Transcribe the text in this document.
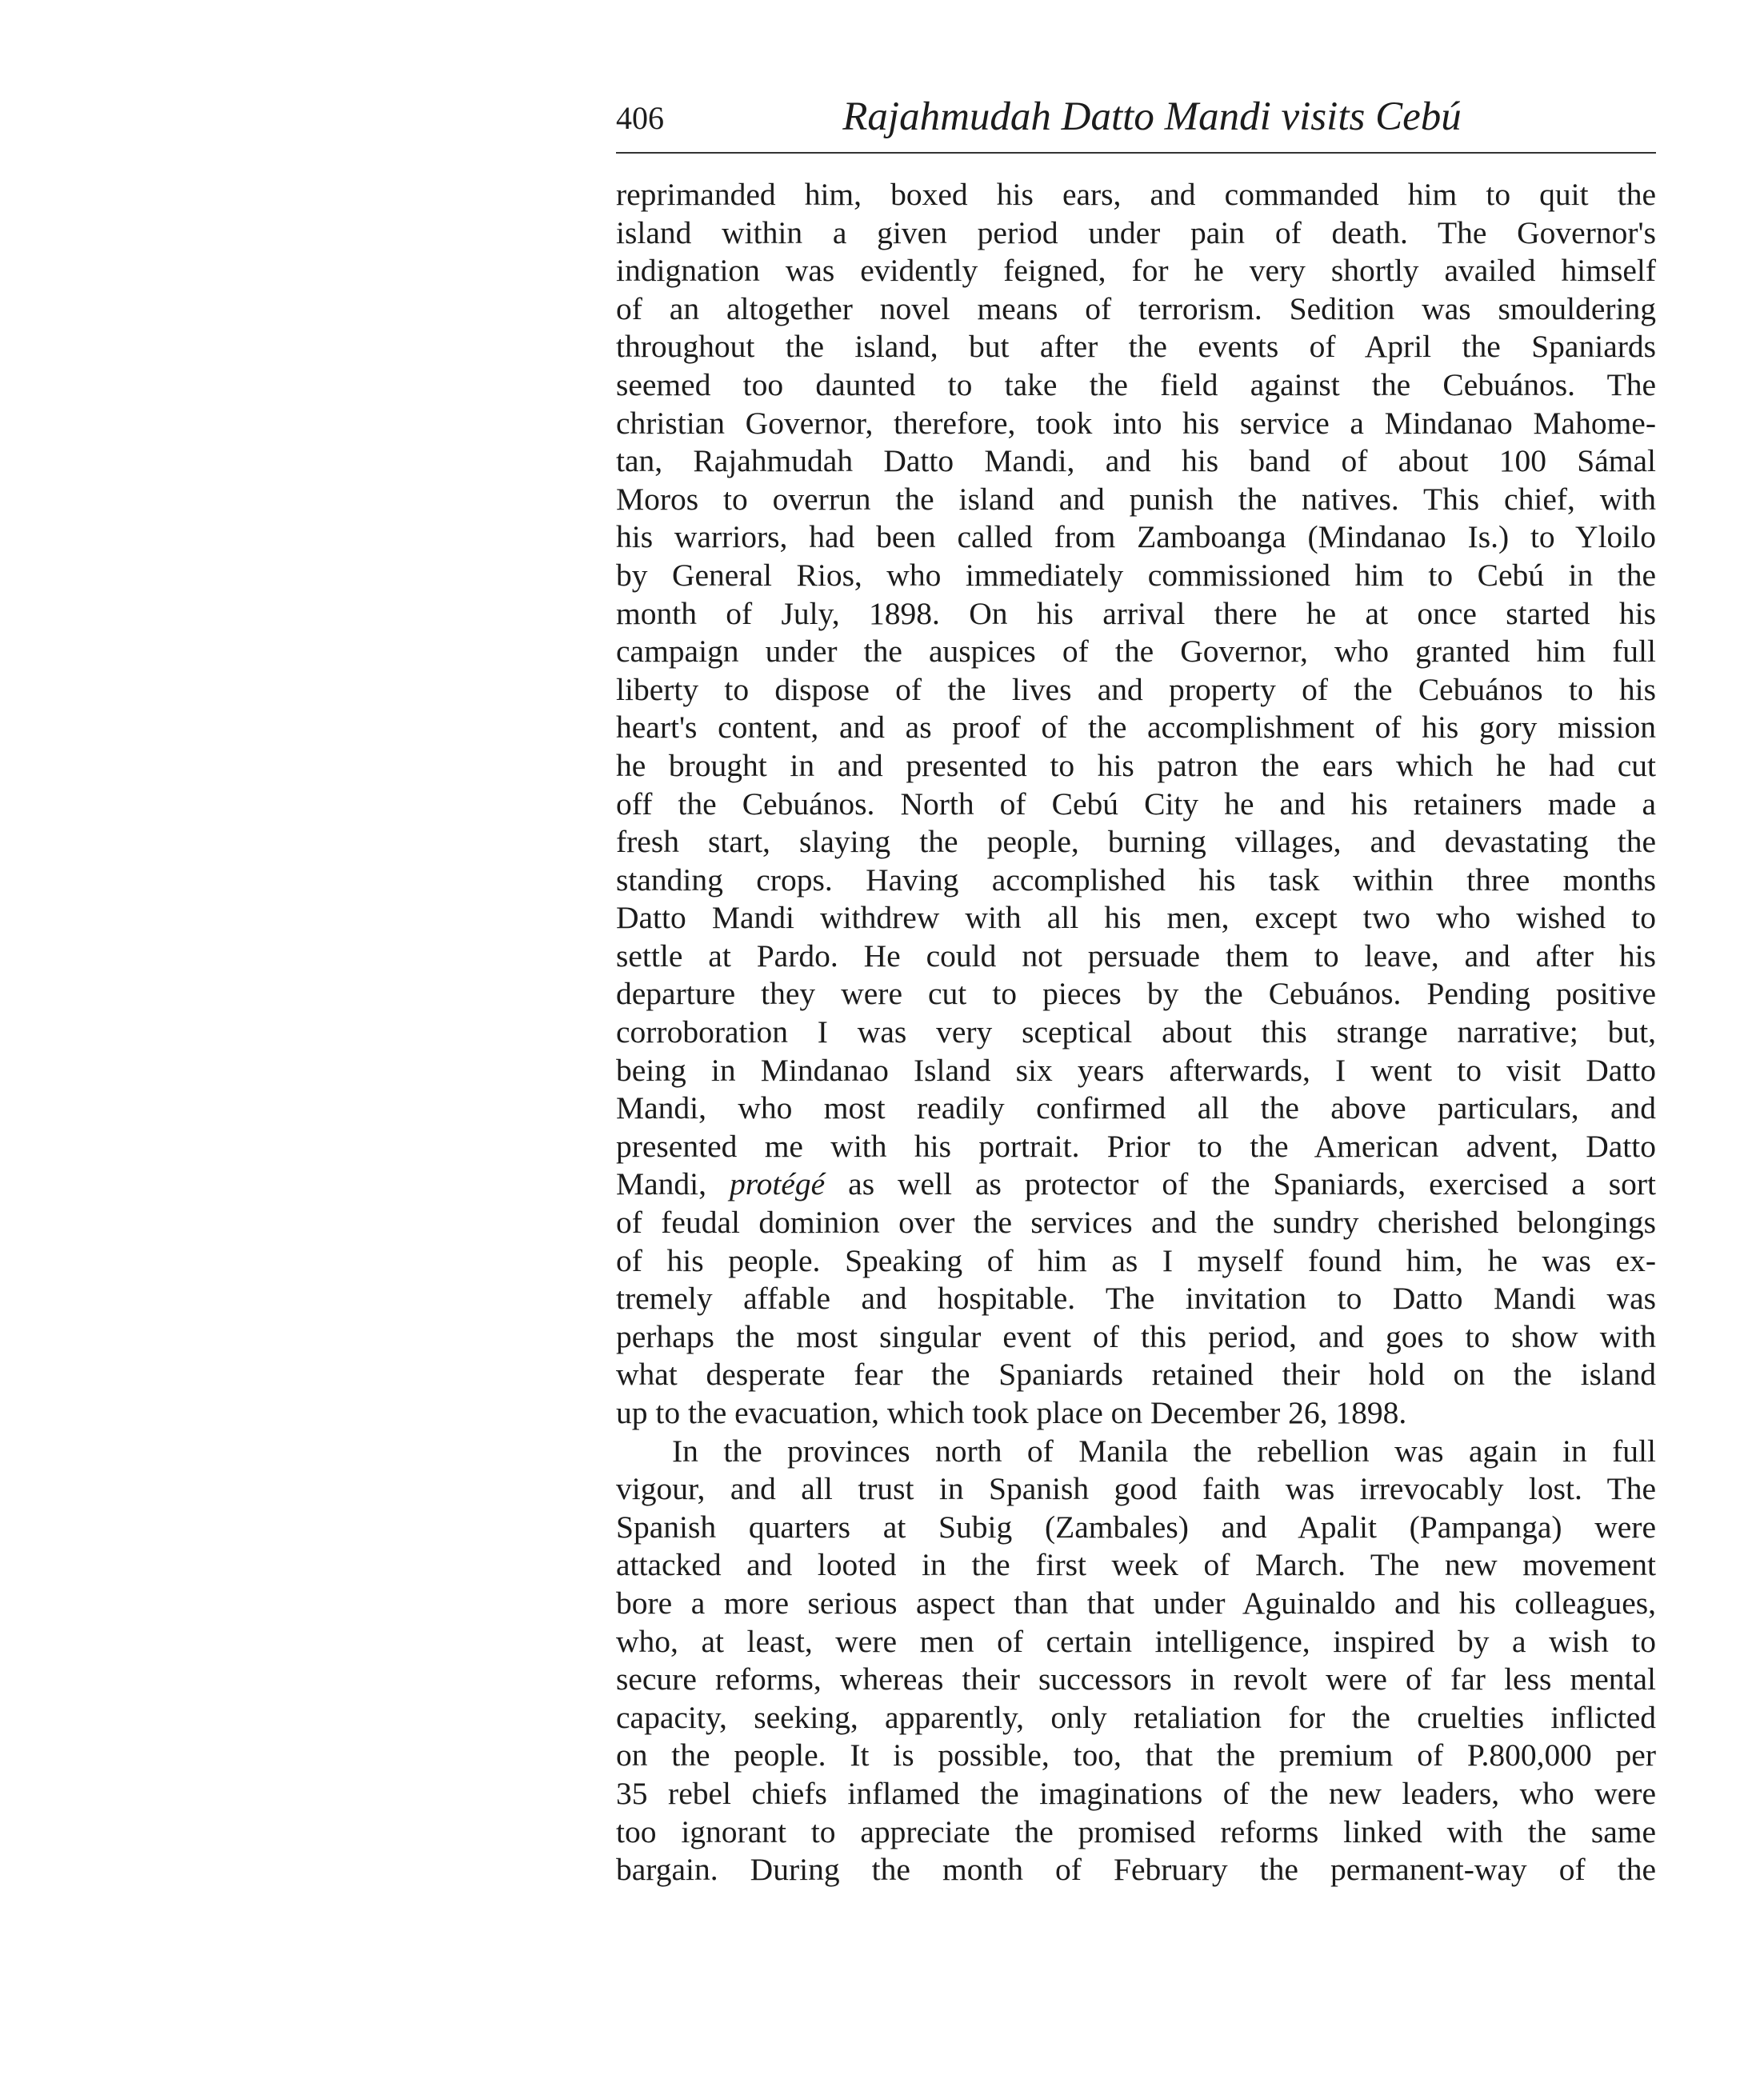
406	Rajahmudah Datto Mandi visits Cebú
reprimanded him, boxed his ears, and commanded him to quit the
island within a given period under pain of death. The Governor's
indignation was evidently feigned, for he very shortly availed himself
of an altogether novel means of terrorism. Sedition was smouldering
throughout the island, but after the events of April the Spaniards
seemed too daunted to take the field against the Cebuános. The
christian Governor, therefore, took into his service a Mindanao Mahome-
tan, Rajahmudah Datto Mandi, and his band of about 100 Sámal
Moros to overrun the island and punish the natives. This chief, with
his warriors, had been called from Zamboanga (Mindanao Is.) to Yloilo
by General Rios, who immediately commissioned him to Cebú in the
month of July, 1898. On his arrival there he at once started his
campaign under the auspices of the Governor, who granted him full
liberty to dispose of the lives and property of the Cebuános to his
heart's content, and as proof of the accomplishment of his gory mission
he brought in and presented to his patron the ears which he had cut
off the Cebuános. North of Cebú City he and his retainers made a
fresh start, slaying the people, burning villages, and devastating the
standing crops. Having accomplished his task within three months
Datto Mandi withdrew with all his men, except two who wished to
settle at Pardo. He could not persuade them to leave, and after his
departure they were cut to pieces by the Cebuános. Pending positive
corroboration I was very sceptical about this strange narrative; but,
being in Mindanao Island six years afterwards, I went to visit Datto
Mandi, who most readily confirmed all the above particulars, and
presented me with his portrait. Prior to the American advent, Datto
Mandi, protégé as well as protector of the Spaniards, exercised a sort
of feudal dominion over the services and the sundry cherished belongings
of his people. Speaking of him as I myself found him, he was ex-
tremely affable and hospitable. The invitation to Datto Mandi was
perhaps the most singular event of this period, and goes to show with
what desperate fear the Spaniards retained their hold on the island
up to the evacuation, which took place on December 26, 1898.
In the provinces north of Manila the rebellion was again in full
vigour, and all trust in Spanish good faith was irrevocably lost. The
Spanish quarters at Subig (Zambales) and Apalit (Pampanga) were
attacked and looted in the first week of March. The new movement
bore a more serious aspect than that under Aguinaldo and his colleagues,
who, at least, were men of certain intelligence, inspired by a wish to
secure reforms, whereas their successors in revolt were of far less mental
capacity, seeking, apparently, only retaliation for the cruelties inflicted
on the people. It is possible, too, that the premium of P.800,000 per
35 rebel chiefs inflamed the imaginations of the new leaders, who were
too ignorant to appreciate the promised reforms linked with the same
bargain. During the month of February the permanent-way of the
